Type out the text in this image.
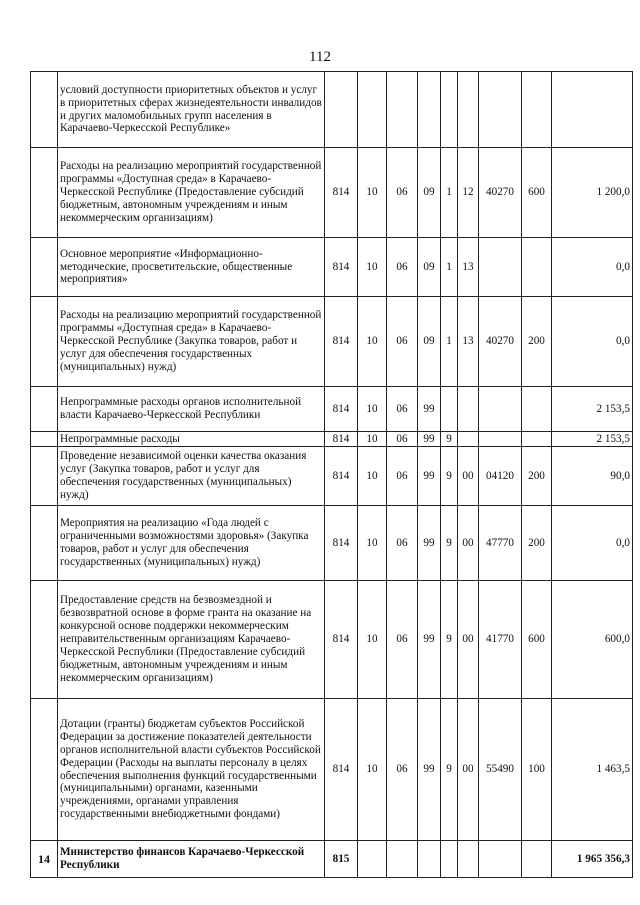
112
	условий доступности приоритетных объектов и услуг в приоритетных сферах жизнедеятельности инвалидов и других маломобильных групп населения в Карачаево-Черкесской Республике»									
	Расходы на реализацию мероприятий государственной программы «Доступная среда» в Карачаево-Черкесской Республике (Предоставление субсидий бюджетным, автономным учреждениям и иным некоммерческим организациям)	814	10	06	09	1	12	40270	600	1 200,0
	Основное мероприятие «Информационно-методические, просветительские, общественные мероприятия»	814	10	06	09	1	13			0,0
	Расходы на реализацию мероприятий государственной программы «Доступная среда» в Карачаево-Черкесской Республике (Закупка товаров, работ и услуг для обеспечения государственных (муниципальных) нужд)	814	10	06	09	1	13	40270	200	0,0
	Непрограммные расходы органов исполнительной власти Карачаево-Черкесской Республики	814	10	06	99					2 153,5
	Непрограммные расходы	814	10	06	99	9				2 153,5
	Проведение независимой оценки качества оказания услуг (Закупка товаров, работ и услуг для обеспечения государственных (муниципальных) нужд)	814	10	06	99	9	00	04120	200	90,0
	Мероприятия на реализацию «Года людей с ограниченными возможностями здоровья» (Закупка товаров, работ и услуг для обеспечения государственных (муниципальных) нужд)	814	10	06	99	9	00	47770	200	0,0
	Предоставление средств на безвозмездной и безвозвратной основе в форме гранта на оказание на конкурсной основе поддержки некоммерческим неправительственным организациям Карачаево-Черкесской Республики (Предоставление субсидий бюджетным, автономным учреждениям и иным некоммерческим организациям)	814	10	06	99	9	00	41770	600	600,0
	Дотации (гранты) бюджетам субъектов Российской Федерации за достижение показателей деятельности органов исполнительной власти субъектов Российской Федерации (Расходы на выплаты персоналу в целях обеспечения выполнения функций государственными (муниципальными) органами, казенными учреждениями, органами управления государственными внебюджетными фондами)	814	10	06	99	9	00	55490	100	1 463,5
14	Министерство финансов Карачаево-Черкесской Республики	815								1 965 356,3
